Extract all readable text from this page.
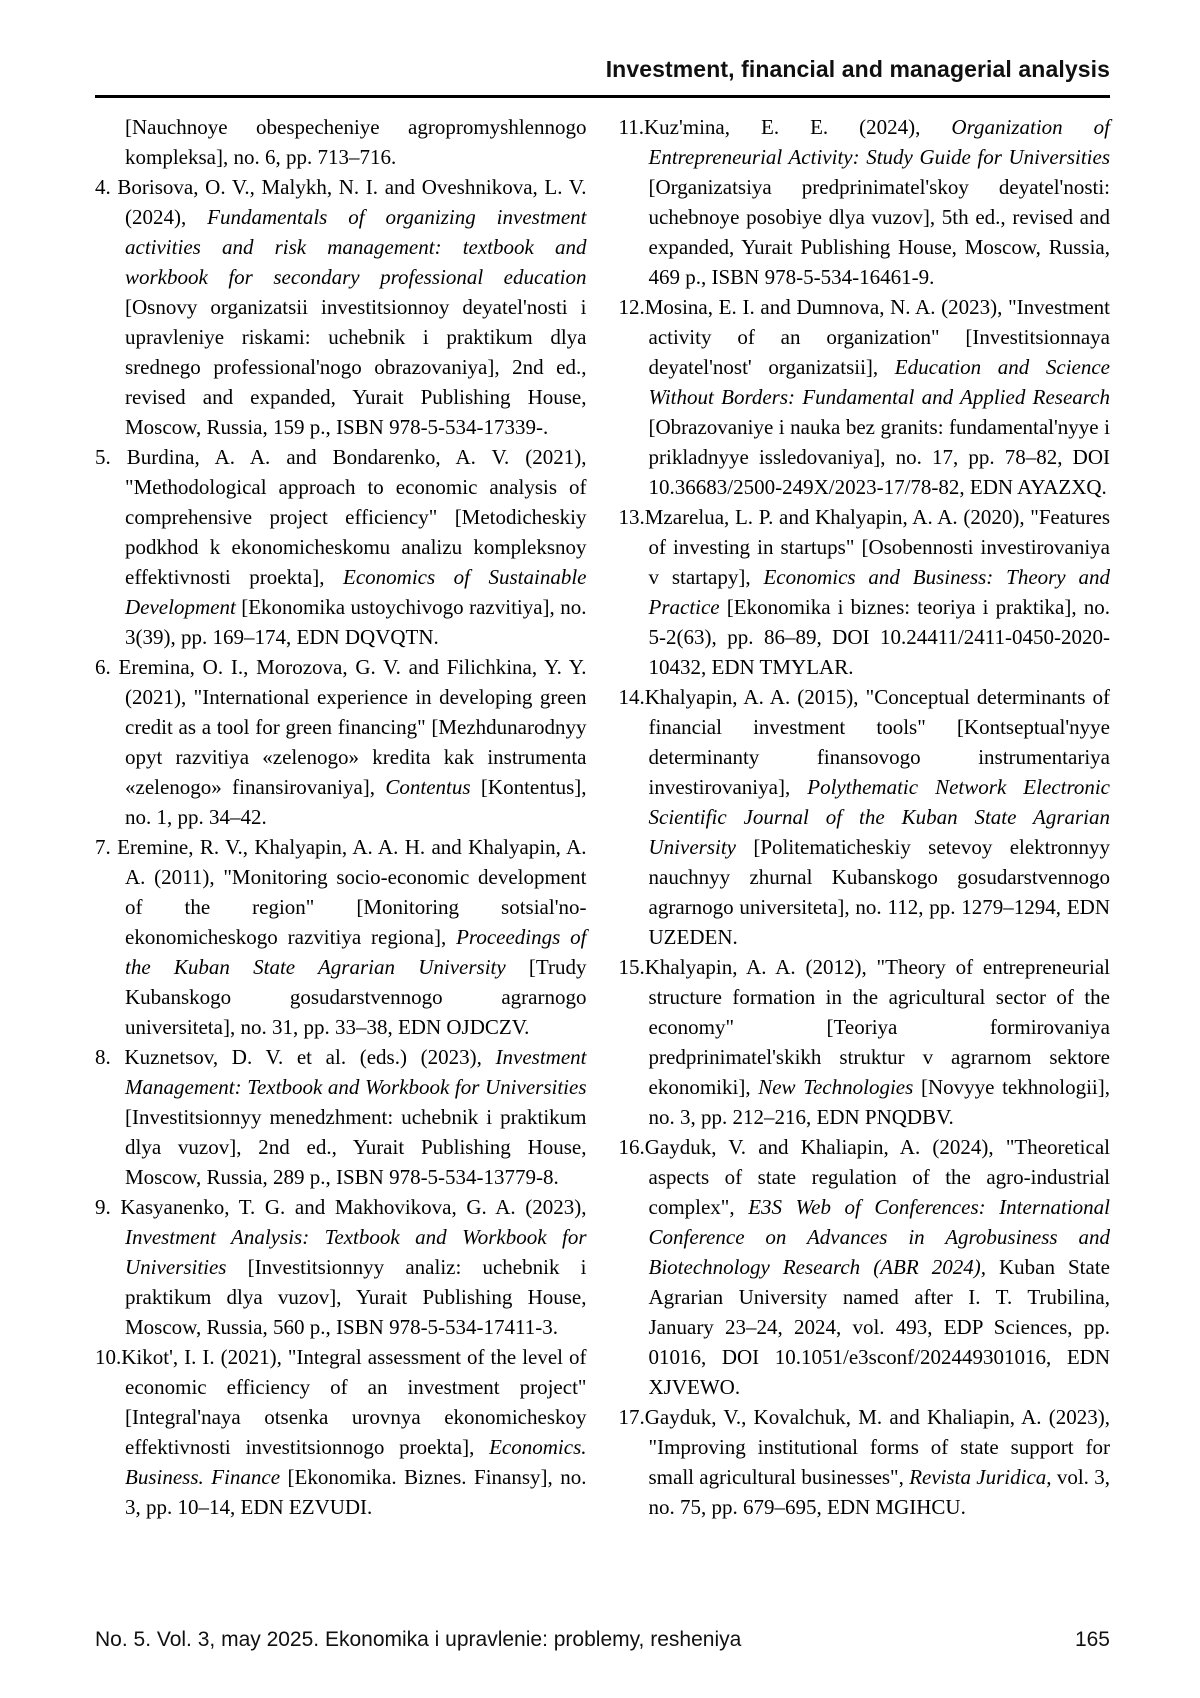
Investment, financial and managerial analysis
[Nauchnoye obespecheniye agropromyshlennogo kompleksa], no. 6, pp. 713–716.
4. Borisova, O. V., Malykh, N. I. and Oveshnikova, L. V. (2024), Fundamentals of organizing investment activities and risk management: textbook and workbook for secondary professional education [Osnovy organizatsii investitsionnoy deyatel'nosti i upravleniye riskami: uchebnik i praktikum dlya srednego professional'nogo obrazovaniya], 2nd ed., revised and expanded, Yurait Publishing House, Moscow, Russia, 159 p., ISBN 978-5-534-17339-.
5. Burdina, A. A. and Bondarenko, A. V. (2021), "Methodological approach to economic analysis of comprehensive project efficiency" [Metodicheskiy podkhod k ekonomicheskomu analizu kompleksnoy effektivnosti proekta], Economics of Sustainable Development [Ekonomika ustoychivogo razvitiya], no. 3(39), pp. 169–174, EDN DQVQTN.
6. Eremina, O. I., Morozova, G. V. and Filichkina, Y. Y. (2021), "International experience in developing green credit as a tool for green financing" [Mezhdunarodnyy opyt razvitiya «zelenogo» kredita kak instrumenta «zelenogo» finansirovaniya], Contentus [Kontentus], no. 1, pp. 34–42.
7. Eremine, R. V., Khalyapin, A. A. H. and Khalyapin, A. A. (2011), "Monitoring socio-economic development of the region" [Monitoring sotsial'no-ekonomicheskogo razvitiya regiona], Proceedings of the Kuban State Agrarian University [Trudy Kubanskogo gosudarstvennogo agrarnogo universiteta], no. 31, pp. 33–38, EDN OJDCZV.
8. Kuznetsov, D. V. et al. (eds.) (2023), Investment Management: Textbook and Workbook for Universities [Investitsionnyy menedzhment: uchebnik i praktikum dlya vuzov], 2nd ed., Yurait Publishing House, Moscow, Russia, 289 p., ISBN 978-5-534-13779-8.
9. Kasyanenko, T. G. and Makhovikova, G. A. (2023), Investment Analysis: Textbook and Workbook for Universities [Investitsionnyy analiz: uchebnik i praktikum dlya vuzov], Yurait Publishing House, Moscow, Russia, 560 p., ISBN 978-5-534-17411-3.
10.Kikot', I. I. (2021), "Integral assessment of the level of economic efficiency of an investment project" [Integral'naya otsenka urovnya ekonomicheskoy effektivnosti investitsionnogo proekta], Economics. Business. Finance [Ekonomika. Biznes. Finansy], no. 3, pp. 10–14, EDN EZVUDI.
11.Kuz'mina, E. E. (2024), Organization of Entrepreneurial Activity: Study Guide for Universities [Organizatsiya predprinimatel'skoy deyatel'nosti: uchebnoye posobiye dlya vuzov], 5th ed., revised and expanded, Yurait Publishing House, Moscow, Russia, 469 p., ISBN 978-5-534-16461-9.
12.Mosina, E. I. and Dumnova, N. A. (2023), "Investment activity of an organization" [Investitsionnaya deyatel'nost' organizatsii], Education and Science Without Borders: Fundamental and Applied Research [Obrazovaniye i nauka bez granits: fundamental'nyye i prikladnyye issledovaniya], no. 17, pp. 78–82, DOI 10.36683/2500-249X/2023-17/78-82, EDN AYAZXQ.
13.Mzarelua, L. P. and Khalyapin, A. A. (2020), "Features of investing in startups" [Osobennosti investirovaniya v startapy], Economics and Business: Theory and Practice [Ekonomika i biznes: teoriya i praktika], no. 5-2(63), pp. 86–89, DOI 10.24411/2411-0450-2020-10432, EDN TMYLAR.
14.Khalyapin, A. A. (2015), "Conceptual determinants of financial investment tools" [Kontseptual'nyye determinanty finansovogo instrumentariya investirovaniya], Polythematic Network Electronic Scientific Journal of the Kuban State Agrarian University [Politematicheskiy setevoy elektronnyy nauchnyy zhurnal Kubanskogo gosudarstvennogo agrarnogo universiteta], no. 112, pp. 1279–1294, EDN UZEDEN.
15.Khalyapin, A. A. (2012), "Theory of entrepreneurial structure formation in the agricultural sector of the economy" [Teoriya formirovaniya predprinimatel'skikh struktur v agrarnom sektore ekonomiki], New Technologies [Novyye tekhnologii], no. 3, pp. 212–216, EDN PNQDBV.
16.Gayduk, V. and Khaliapin, A. (2024), "Theoretical aspects of state regulation of the agro-industrial complex", E3S Web of Conferences: International Conference on Advances in Agrobusiness and Biotechnology Research (ABR 2024), Kuban State Agrarian University named after I. T. Trubilina, January 23–24, 2024, vol. 493, EDP Sciences, pp. 01016, DOI 10.1051/e3sconf/202449301016, EDN XJVEWO.
17.Gayduk, V., Kovalchuk, M. and Khaliapin, A. (2023), "Improving institutional forms of state support for small agricultural businesses", Revista Juridica, vol. 3, no. 75, pp. 679–695, EDN MGIHCU.
No. 5. Vol. 3, may 2025. Ekonomika i upravlenie: problemy, resheniya	165
